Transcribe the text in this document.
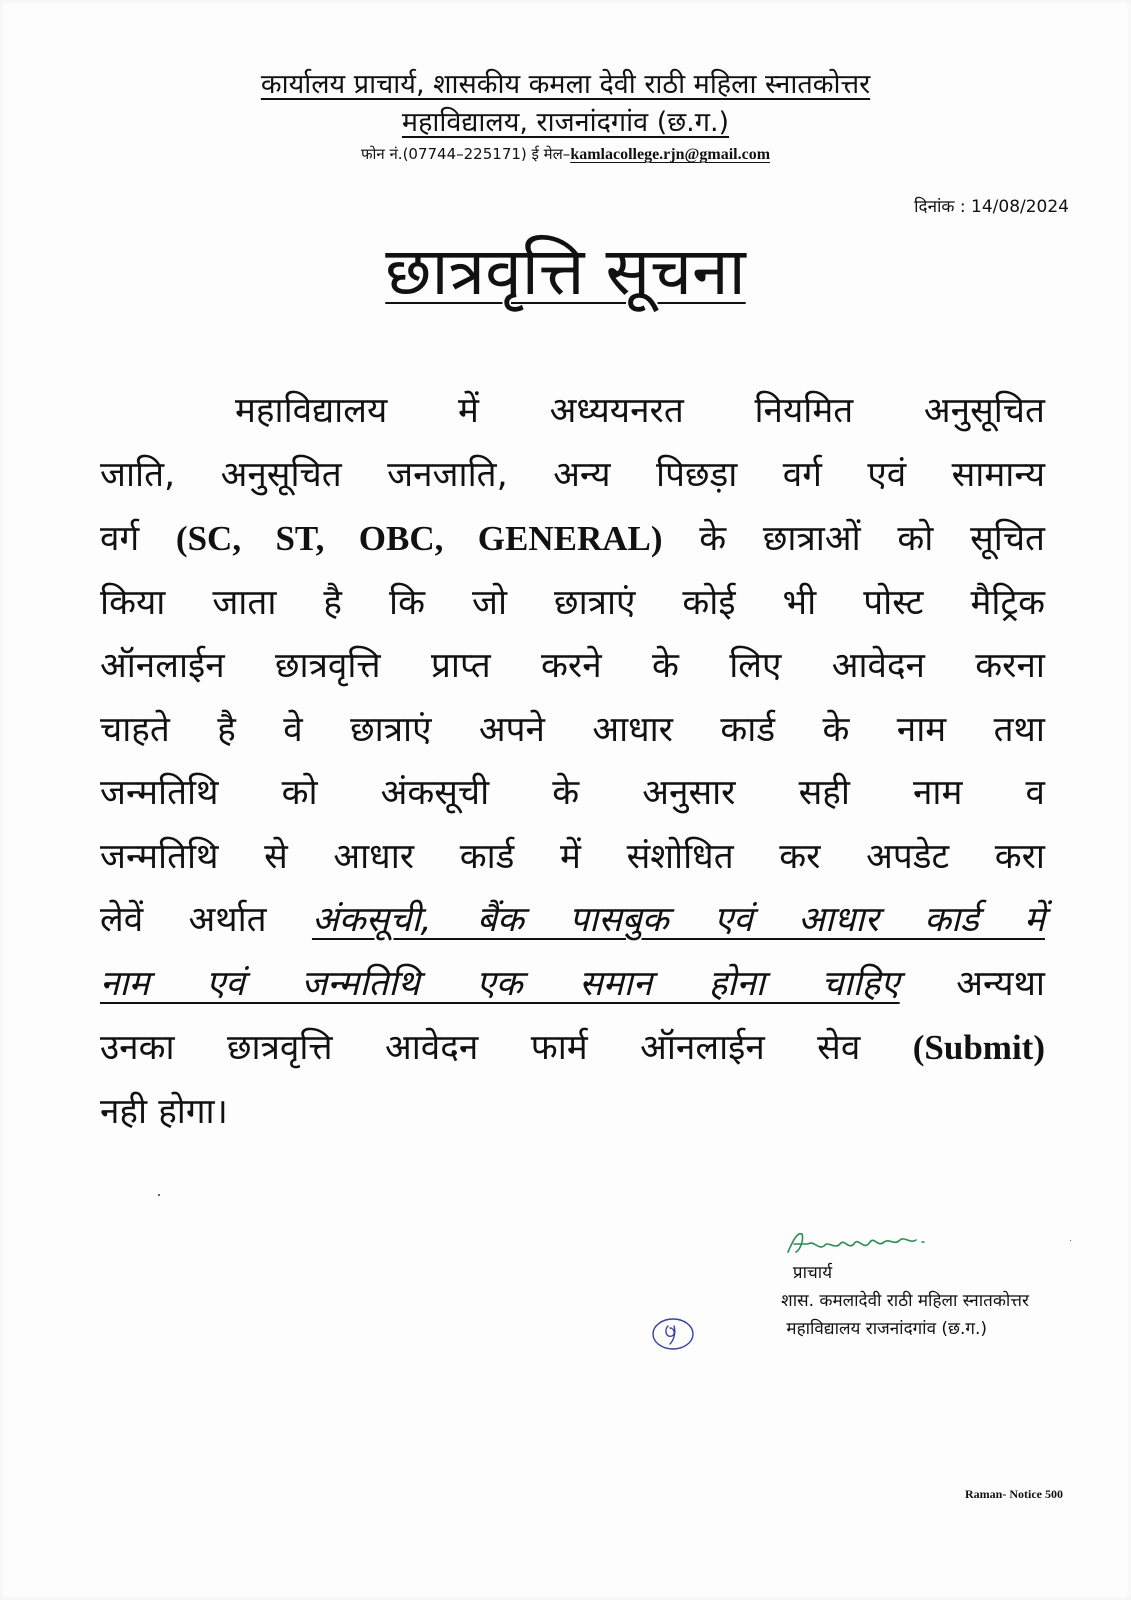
कार्यालय प्राचार्य, शासकीय कमला देवी राठी महिला स्नातकोत्तर
महाविद्यालय, राजनांदगांव (छ.ग.)
फोन नं.(07744–225171) ई मेल–kamlacollege.rjn@gmail.com
दिनांक : 14/08/2024
छात्रवृत्ति सूचना
महाविद्यालय में अध्ययनरत नियमित अनुसूचित
जाति, अनुसूचित जनजाति, अन्य पिछड़ा वर्ग एवं सामान्य
वर्ग (SC, ST, OBC, GENERAL) के छात्राओं को सूचित
किया जाता है कि जो छात्राएं कोई भी पोस्ट मैट्रिक
ऑनलाईन छात्रवृत्ति प्राप्त करने के लिए आवेदन करना
चाहते है वे छात्राएं अपने आधार कार्ड के नाम तथा
जन्मतिथि को अंकसूची के अनुसार सही नाम व
जन्मतिथि से आधार कार्ड में संशोधित कर अपडेट करा
लेवें अर्थात अंकसूची, बैंक पासबुक एवं आधार कार्ड में
नाम एवं जन्मतिथि एक समान होना चाहिए अन्यथा
उनका छात्रवृत्ति आवेदन फार्म ऑनलाईन सेव (Submit)
नही होगा।
प्राचार्य
शास. कमलादेवी राठी महिला स्नातकोत्तर
महाविद्यालय राजनांदगांव (छ.ग.)
Raman- Notice 500
